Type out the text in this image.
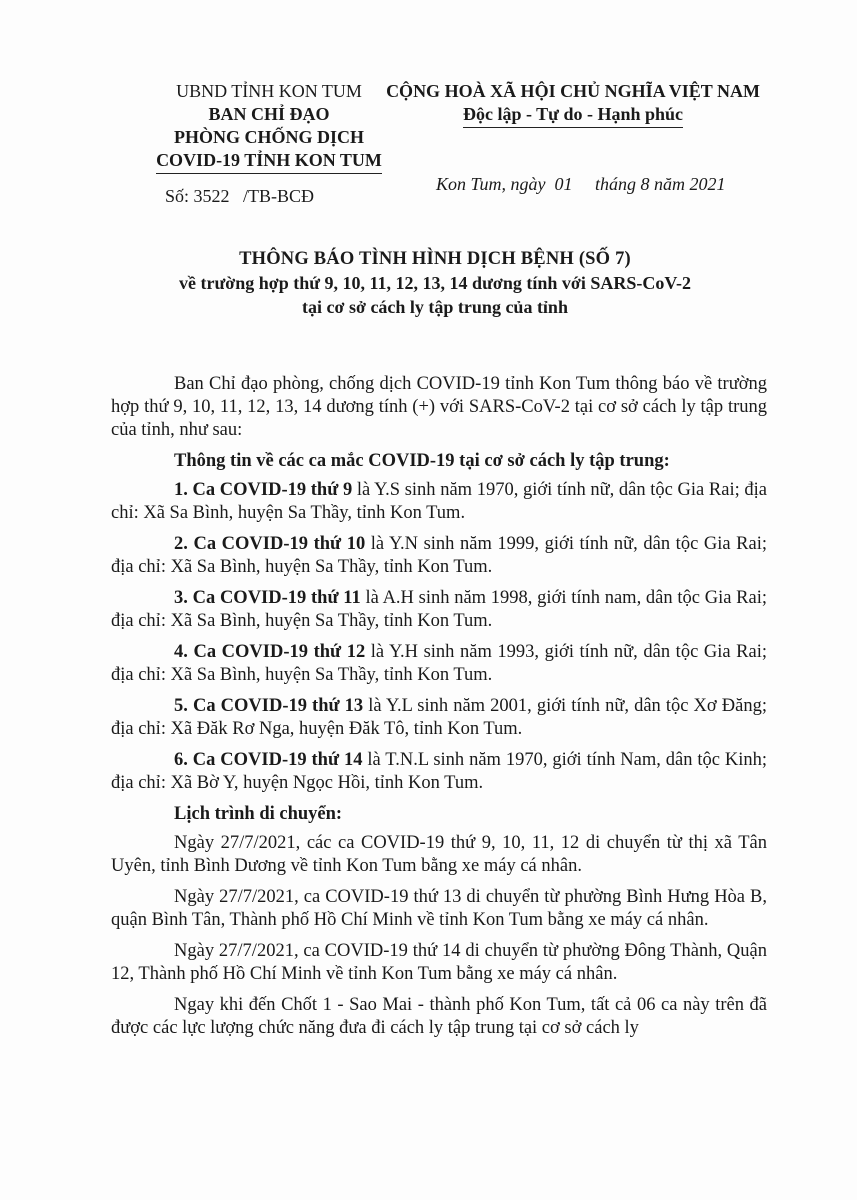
UBND TỈNH KON TUM
BAN CHỈ ĐẠO
PHÒNG CHỐNG DỊCH
COVID-19 TỈNH KON TUM
CỘNG HOÀ XÃ HỘI CHỦ NGHĨA VIỆT NAM
Độc lập - Tự do - Hạnh phúc
Số: 3522   /TB-BCĐ
Kon Tum, ngày  01     tháng 8 năm 2021
THÔNG BÁO TÌNH HÌNH DỊCH BỆNH (SỐ 7)
về trường hợp thứ 9, 10, 11, 12, 13, 14 dương tính với SARS-CoV-2
tại cơ sở cách ly tập trung của tỉnh

Ban Chỉ đạo phòng, chống dịch COVID-19 tỉnh Kon Tum thông báo về trường hợp thứ 9, 10, 11, 12, 13, 14 dương tính (+) với SARS-CoV-2 tại cơ sở cách ly tập trung của tỉnh, như sau:

Thông tin về các ca mắc COVID-19 tại cơ sở cách ly tập trung:

1. Ca COVID-19 thứ 9 là Y.S sinh năm 1970, giới tính nữ, dân tộc Gia Rai; địa chỉ: Xã Sa Bình, huyện Sa Thầy, tỉnh Kon Tum.

2. Ca COVID-19 thứ 10 là Y.N sinh năm 1999, giới tính nữ, dân tộc Gia Rai; địa chỉ: Xã Sa Bình, huyện Sa Thầy, tỉnh Kon Tum.

3. Ca COVID-19 thứ 11 là A.H sinh năm 1998, giới tính nam, dân tộc Gia Rai; địa chỉ: Xã Sa Bình, huyện Sa Thầy, tỉnh Kon Tum.

4. Ca COVID-19 thứ 12 là Y.H sinh năm 1993, giới tính nữ, dân tộc Gia Rai; địa chỉ: Xã Sa Bình, huyện Sa Thầy, tỉnh Kon Tum.

5. Ca COVID-19 thứ 13 là Y.L sinh năm 2001, giới tính nữ, dân tộc Xơ Đăng; địa chỉ: Xã Đăk Rơ Nga, huyện Đăk Tô, tỉnh Kon Tum.

6. Ca COVID-19 thứ 14 là T.N.L sinh năm 1970, giới tính Nam, dân tộc Kinh; địa chỉ: Xã Bờ Y, huyện Ngọc Hồi, tỉnh Kon Tum.

Lịch trình di chuyển:

Ngày 27/7/2021, các ca COVID-19 thứ 9, 10, 11, 12 di chuyển từ thị xã Tân Uyên, tỉnh Bình Dương về tỉnh Kon Tum bằng xe máy cá nhân.

Ngày 27/7/2021, ca COVID-19 thứ 13 di chuyển từ phường Bình Hưng Hòa B, quận Bình Tân, Thành phố Hồ Chí Minh về tỉnh Kon Tum bằng xe máy cá nhân.

Ngày 27/7/2021, ca COVID-19 thứ 14 di chuyển từ phường Đông Thành, Quận 12, Thành phố Hồ Chí Minh về tỉnh Kon Tum bằng xe máy cá nhân.

Ngay khi đến Chốt 1 - Sao Mai - thành phố Kon Tum, tất cả 06 ca này trên đã được các lực lượng chức năng đưa đi cách ly tập trung tại cơ sở cách ly
